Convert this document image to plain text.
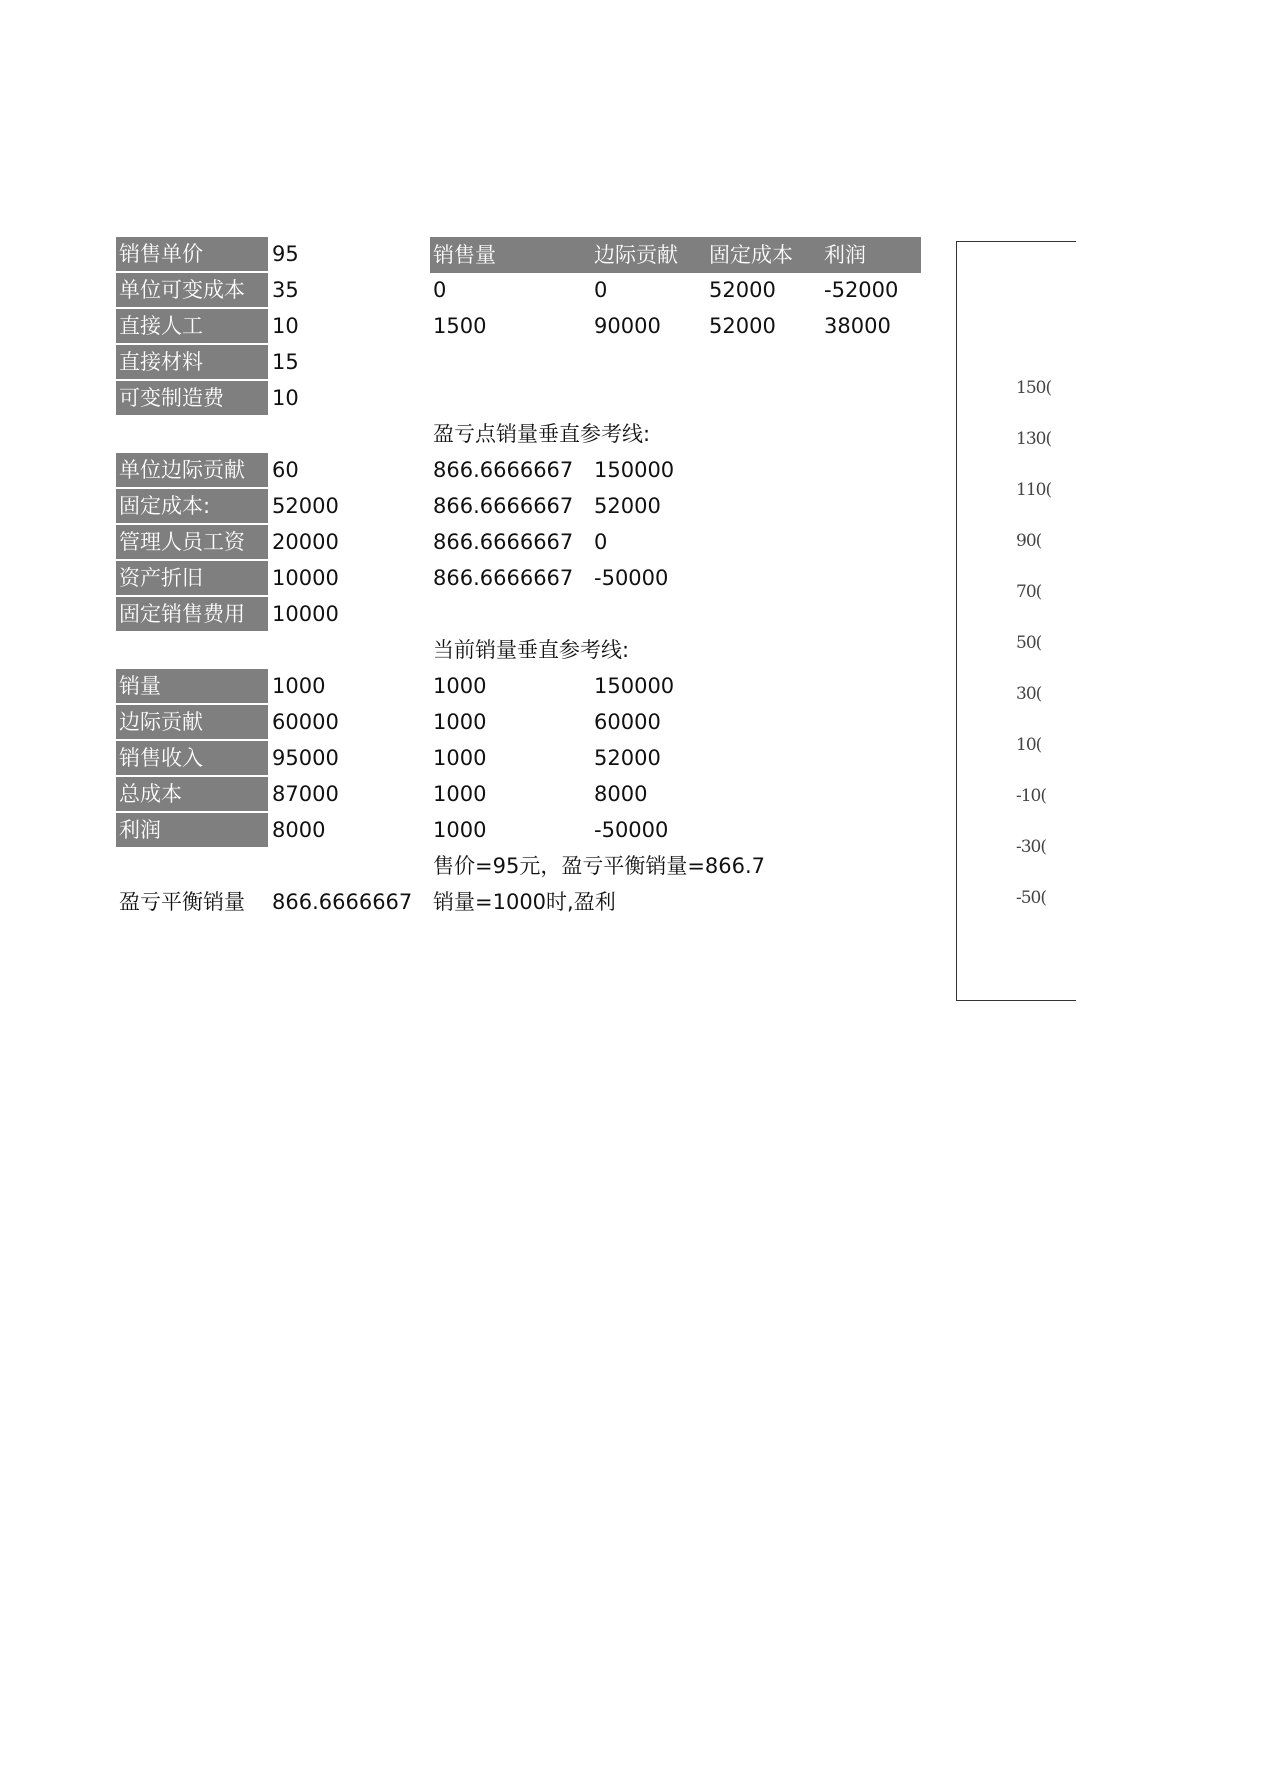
销售单价	95
单位可变成本	35
直接人工	10
直接材料	15
可变制造费	10
单位边际贡献	60
固定成本:	52000
管理人员工资	20000
资产折旧	10000
固定销售费用	10000
销量	1000
边际贡献	60000
销售收入	95000
总成本	87000
利润	8000
盈亏平衡销量 866.6666667
销售量	边际贡献 固定成本 利润
0	0	52000 -52000
1500	90000 52000 38000
盈亏点销量垂直参考线:
866.6666667 150000
866.6666667 52000
866.6666667 0
866.6666667 -50000
当前销量垂直参考线:
1000	150000
1000	60000
1000	52000
1000	8000
1000	-50000
售价=95元，盈亏平衡销量=866.7
销量=1000时,盈利
150(
130(
110(
90(
70(
50(
30(
10(
-10(
-30(
-50(
